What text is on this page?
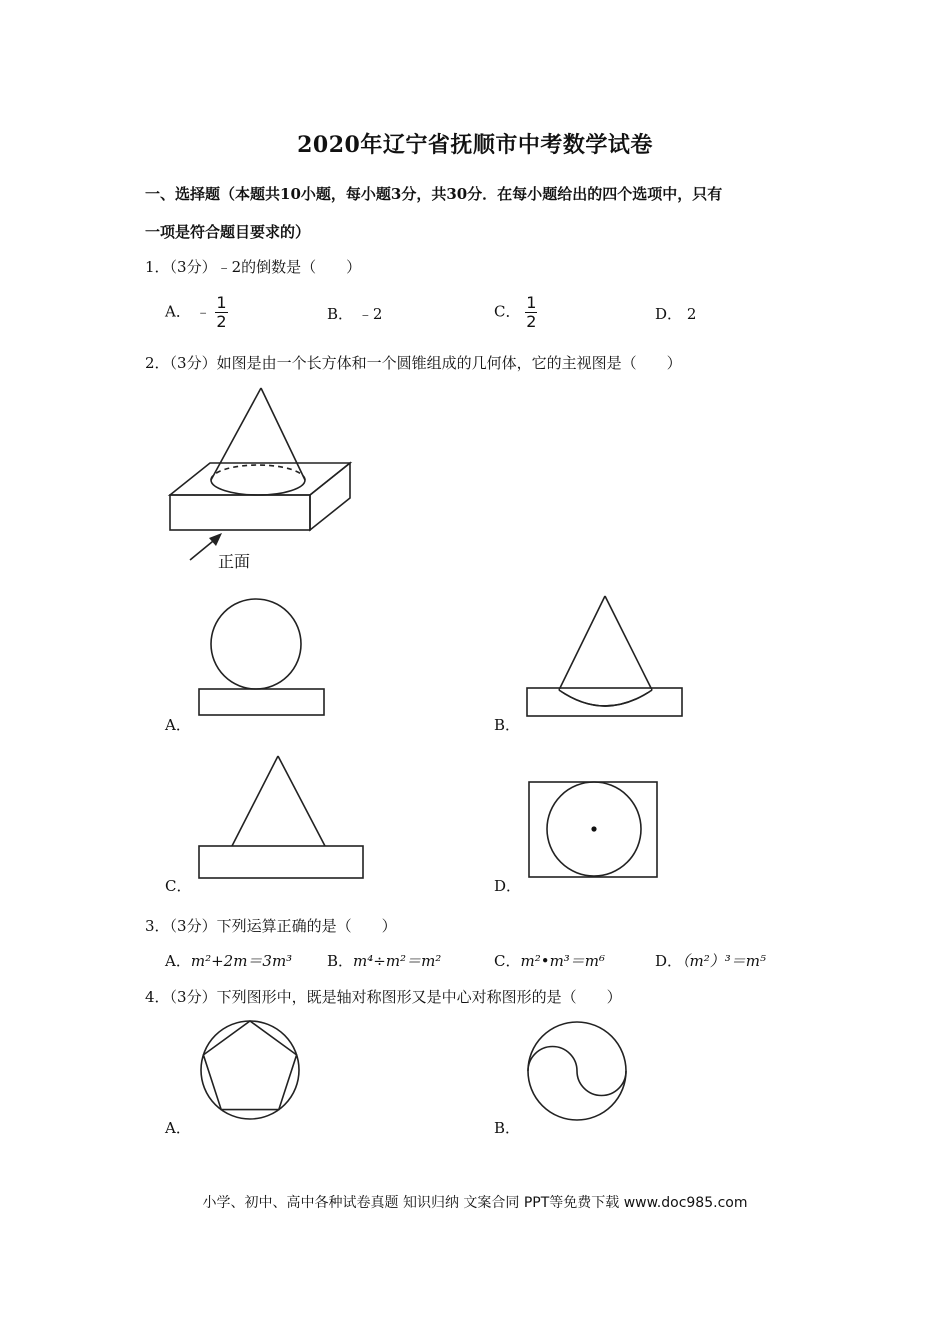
2020年辽宁省抚顺市中考数学试卷
一、选择题（本题共10小题，每小题3分，共30分．在每小题给出的四个选项中，只有
一项是符合题目要求的）
1．（3分）﹣2的倒数是（　　）
A． ﹣ $\frac{1}{2}$	B． ﹣2	C． $\frac{1}{2}$	D． 2
2．（3分）如图是由一个长方体和一个圆锥组成的几何体，它的主视图是（　　）
正面
A．	B．
C．	D．
3．（3分）下列运算正确的是（　　）
A．m²+2m＝3m³ B．m⁴÷m²＝m²	C．m²•m³＝m⁶	D．（m²）³＝m⁵
4．（3分）下列图形中，既是轴对称图形又是中心对称图形的是（　　）
A．	B．
小学、初中、高中各种试卷真题 知识归纳 文案合同 PPT等免费下载 www.doc985.com
